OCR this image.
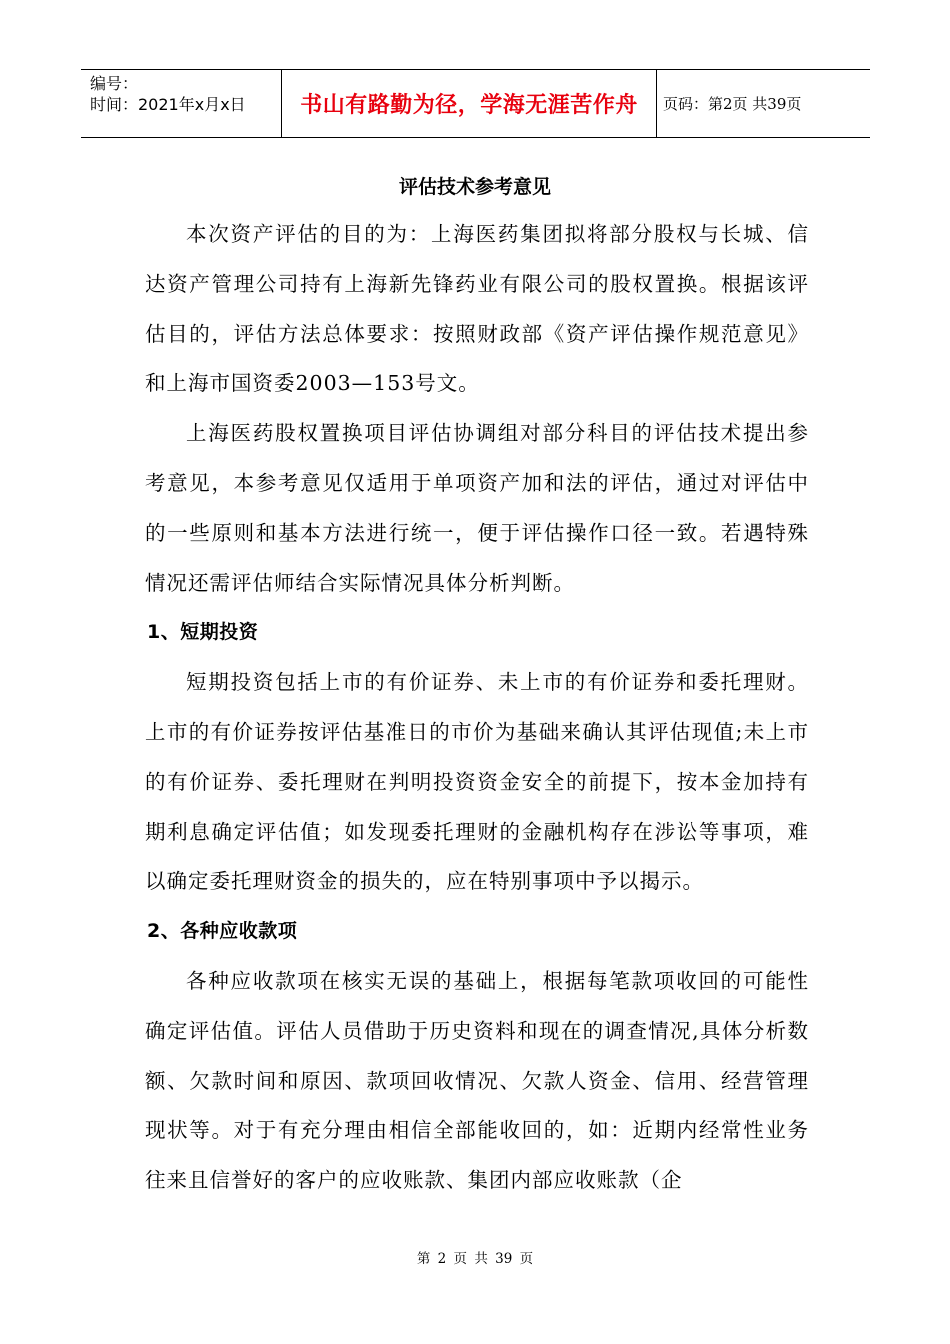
编号：
时间：2021年x月x日	书山有路勤为径，学海无涯苦作舟	页码：第2页 共39页
评估技术参考意见

本次资产评估的目的为：上海医药集团拟将部分股权与长城、信达资产管理公司持有上海新先锋药业有限公司的股权置换。根据该评估目的，评估方法总体要求：按照财政部《资产评估操作规范意见》和上海市国资委2003—153号文。

上海医药股权置换项目评估协调组对部分科目的评估技术提出参考意见，本参考意见仅适用于单项资产加和法的评估，通过对评估中的一些原则和基本方法进行统一，便于评估操作口径一致。若遇特殊情况还需评估师结合实际情况具体分析判断。

1、短期投资

短期投资包括上市的有价证券、未上市的有价证券和委托理财。上市的有价证券按评估基准日的市价为基础来确认其评估现值;未上市的有价证券、委托理财在判明投资资金安全的前提下，按本金加持有期利息确定评估值；如发现委托理财的金融机构存在涉讼等事项，难以确定委托理财资金的损失的，应在特别事项中予以揭示。

2、各种应收款项

各种应收款项在核实无误的基础上，根据每笔款项收回的可能性确定评估值。评估人员借助于历史资料和现在的调查情况,具体分析数额、欠款时间和原因、款项回收情况、欠款人资金、信用、经营管理现状等。对于有充分理由相信全部能收回的，如：近期内经常性业务往来且信誉好的客户的应收账款、集团内部应收账款（企

第 2 页 共 39 页
